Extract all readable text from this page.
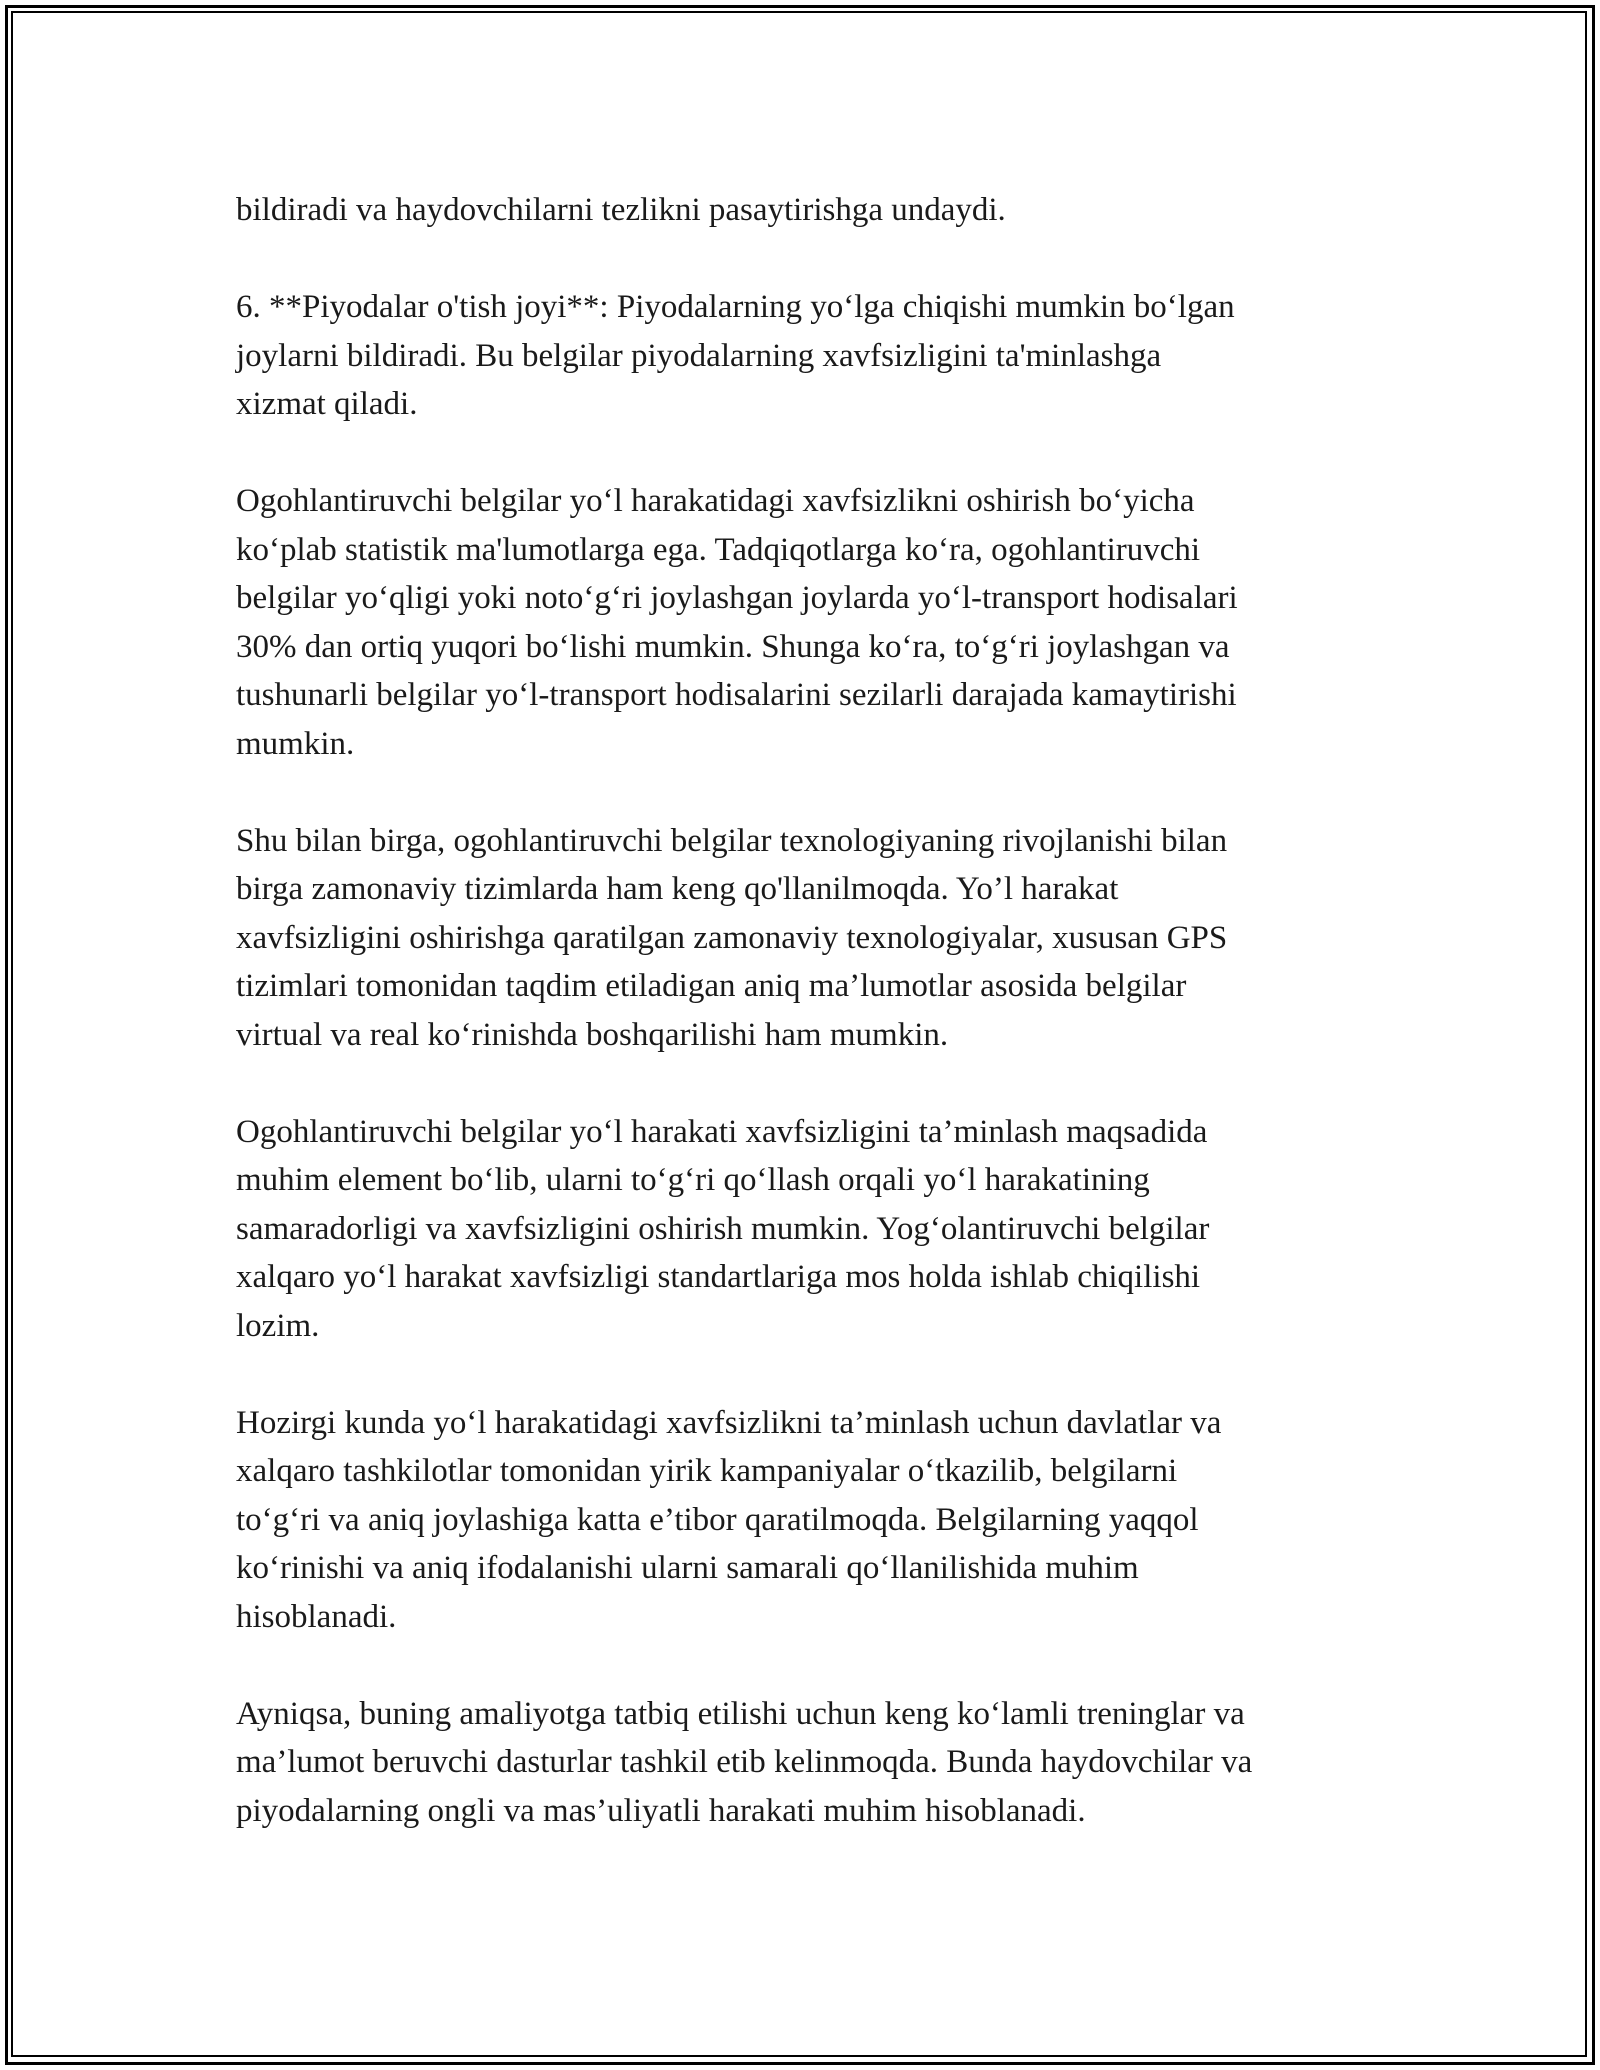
bildiradi va haydovchilarni tezlikni pasaytirishga undaydi.

6. **Piyodalar o'tish joyi**: Piyodalarning yo‘lga chiqishi mumkin bo‘lgan
joylarni bildiradi. Bu belgilar piyodalarning xavfsizligini ta'minlashga
xizmat qiladi.

Ogohlantiruvchi belgilar yo‘l harakatidagi xavfsizlikni oshirish bo‘yicha
ko‘plab statistik ma'lumotlarga ega. Tadqiqotlarga ko‘ra, ogohlantiruvchi
belgilar yo‘qligi yoki noto‘g‘ri joylashgan joylarda yo‘l-transport hodisalari
30% dan ortiq yuqori bo‘lishi mumkin. Shunga ko‘ra, to‘g‘ri joylashgan va
tushunarli belgilar yo‘l-transport hodisalarini sezilarli darajada kamaytirishi
mumkin.

Shu bilan birga, ogohlantiruvchi belgilar texnologiyaning rivojlanishi bilan
birga zamonaviy tizimlarda ham keng qo'llanilmoqda. Yo’l harakat
xavfsizligini oshirishga qaratilgan zamonaviy texnologiyalar, xususan GPS
tizimlari tomonidan taqdim etiladigan aniq ma’lumotlar asosida belgilar
virtual va real ko‘rinishda boshqarilishi ham mumkin.

Ogohlantiruvchi belgilar yo‘l harakati xavfsizligini ta’minlash maqsadida
muhim element bo‘lib, ularni to‘g‘ri qo‘llash orqali yo‘l harakatining
samaradorligi va xavfsizligini oshirish mumkin. Yog‘olantiruvchi belgilar
xalqaro yo‘l harakat xavfsizligi standartlariga mos holda ishlab chiqilishi
lozim.

Hozirgi kunda yo‘l harakatidagi xavfsizlikni ta’minlash uchun davlatlar va
xalqaro tashkilotlar tomonidan yirik kampaniyalar o‘tkazilib, belgilarni
to‘g‘ri va aniq joylashiga katta e’tibor qaratilmoqda. Belgilarning yaqqol
ko‘rinishi va aniq ifodalanishi ularni samarali qo‘llanilishida muhim
hisoblanadi.

Ayniqsa, buning amaliyotga tatbiq etilishi uchun keng ko‘lamli treninglar va
ma’lumot beruvchi dasturlar tashkil etib kelinmoqda. Bunda haydovchilar va
piyodalarning ongli va mas’uliyatli harakati muhim hisoblanadi.
